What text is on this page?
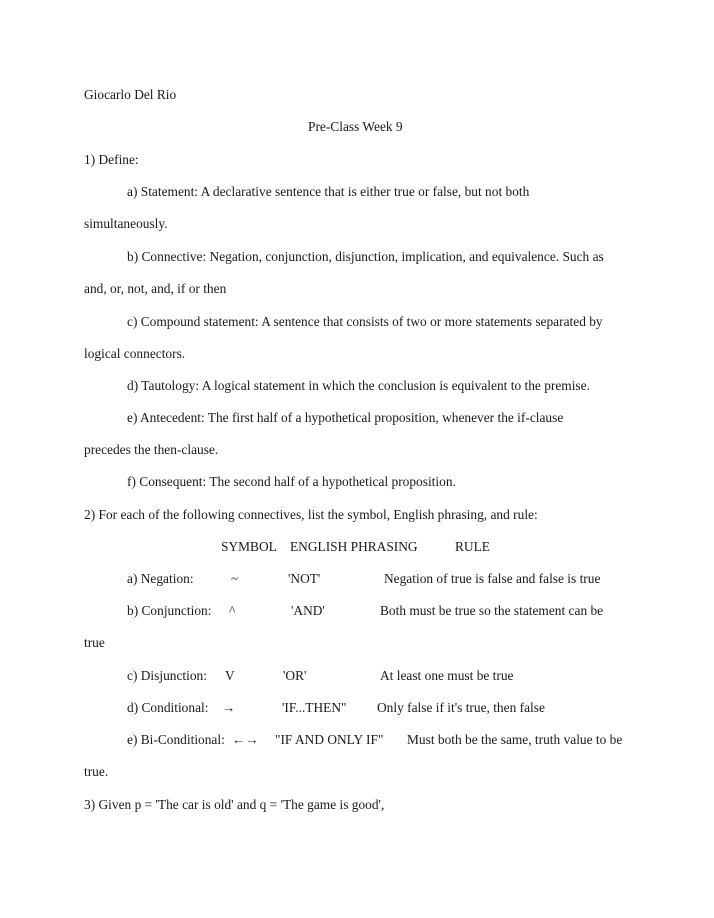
Giocarlo Del Rio
Pre-Class Week 9
1) Define:
a) Statement: A declarative sentence that is either true or false, but not both
simultaneously.
b) Connective: Negation, conjunction, disjunction, implication, and equivalence. Such as
and, or, not, and, if or then
c) Compound statement: A sentence that consists of two or more statements separated by
logical connectors.
d) Tautology: A logical statement in which the conclusion is equivalent to the premise.
e) Antecedent: The first half of a hypothetical proposition, whenever the if-clause
precedes the then-clause.
f) Consequent: The second half of a hypothetical proposition.
2) For each of the following connectives, list the symbol, English phrasing, and rule:
SYMBOL ENGLISH PHRASING	RULE
a) Negation:	~	'NOT'	Negation of true is false and false is true
b) Conjunction: ^	'AND'	Both must be true so the statement can be
true
c) Disjunction: V	'OR'	At least one must be true
d) Conditional: →	'IF...THEN" Only false if it's true, then false
e) Bi-Conditional: ←→ "IF AND ONLY IF" Must both be the same, truth value to be
true.
3) Given p = 'The car is old' and q = 'The game is good',
